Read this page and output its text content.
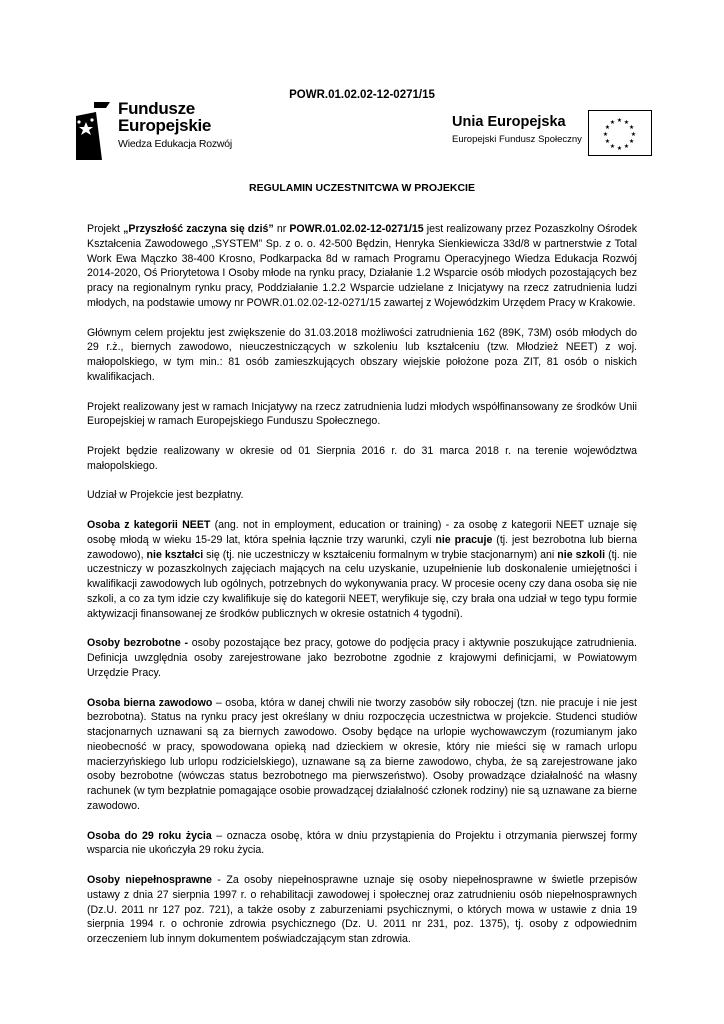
POWR.01.02.02-12-0271/15
Fundusze
Europejskie
Wiedza Edukacja Rozwój
Unia Europejska
Europejski Fundusz Społeczny
★ ★
★
★
★
★
★
★
★
★
★
★
REGULAMIN UCZESTNITCWA W PROJEKCIE

Projekt „Przyszłość zaczyna się dziś” nr POWR.01.02.02-12-0271/15 jest realizowany przez Pozaszkolny Ośrodek Kształcenia Zawodowego „SYSTEM” Sp. z o. o. 42-500 Będzin, Henryka Sienkiewicza 33d/8 w partnerstwie z Total Work Ewa Mączko 38-400 Krosno, Podkarpacka 8d w ramach Programu Operacyjnego Wiedza Edukacja Rozwój 2014-2020, Oś Priorytetowa I Osoby młode na rynku pracy, Działanie 1.2 Wsparcie osób młodych pozostających bez pracy na regionalnym rynku pracy, Poddziałanie 1.2.2 Wsparcie udzielane z Inicjatywy na rzecz zatrudnienia ludzi młodych, na podstawie umowy nr POWR.01.02.02-12-0271/15 zawartej z Wojewódzkim Urzędem Pracy w Krakowie.

Głównym celem projektu jest zwiększenie do 31.03.2018 możliwości zatrudnienia 162 (89K, 73M) osób młodych do 29 r.ż., biernych zawodowo, nieuczestniczących w szkoleniu lub kształceniu (tzw. Młodzież NEET) z woj. małopolskiego, w tym min.: 81 osób zamieszkujących obszary wiejskie położone poza ZIT, 81 osób o niskich kwalifikacjach.

Projekt realizowany jest w ramach Inicjatywy na rzecz zatrudnienia ludzi młodych współfinansowany ze środków Unii Europejskiej w ramach Europejskiego Funduszu Społecznego.

Projekt będzie realizowany w okresie od 01 Sierpnia 2016 r. do 31 marca 2018 r. na terenie województwa małopolskiego.

Udział w Projekcie jest bezpłatny.

Osoba z kategorii NEET (ang. not in employment, education or training) - za osobę z kategorii NEET uznaje się osobę młodą w wieku 15-29 lat, która spełnia łącznie trzy warunki, czyli nie pracuje (tj. jest bezrobotna lub bierna zawodowo), nie kształci się (tj. nie uczestniczy w kształceniu formalnym w trybie stacjonarnym) ani nie szkoli (tj. nie uczestniczy w pozaszkolnych zajęciach mających na celu uzyskanie, uzupełnienie lub doskonalenie umiejętności i kwalifikacji zawodowych lub ogólnych, potrzebnych do wykonywania pracy. W procesie oceny czy dana osoba się nie szkoli, a co za tym idzie czy kwalifikuje się do kategorii NEET, weryfikuje się, czy brała ona udział w tego typu formie aktywizacji finansowanej ze środków publicznych w okresie ostatnich 4 tygodni).

Osoby bezrobotne - osoby pozostające bez pracy, gotowe do podjęcia pracy i aktywnie poszukujące zatrudnienia. Definicja uwzględnia osoby zarejestrowane jako bezrobotne zgodnie z krajowymi definicjami, w Powiatowym Urzędzie Pracy.

Osoba bierna zawodowo – osoba, która w danej chwili nie tworzy zasobów siły roboczej (tzn. nie pracuje i nie jest bezrobotna). Status na rynku pracy jest określany w dniu rozpoczęcia uczestnictwa w projekcie. Studenci studiów stacjonarnych uznawani są za biernych zawodowo. Osoby będące na urlopie wychowawczym (rozumianym jako nieobecność w pracy, spowodowana opieką nad dzieckiem w okresie, który nie mieści się w ramach urlopu macierzyńskiego lub urlopu rodzicielskiego), uznawane są za bierne zawodowo, chyba, że są zarejestrowane jako osoby bezrobotne (wówczas status bezrobotnego ma pierwszeństwo). Osoby prowadzące działalność na własny rachunek (w tym bezpłatnie pomagające osobie prowadzącej działalność członek rodziny) nie są uznawane za bierne zawodowo.

Osoba do 29 roku życia – oznacza osobę, która w dniu przystąpienia do Projektu i otrzymania pierwszej formy wsparcia nie ukończyła 29 roku życia.

Osoby niepełnosprawne - Za osoby niepełnosprawne uznaje się osoby niepełnosprawne w świetle przepisów ustawy z dnia 27 sierpnia 1997 r. o rehabilitacji zawodowej i społecznej oraz zatrudnieniu osób niepełnosprawnych (Dz.U. 2011 nr 127 poz. 721), a także osoby z zaburzeniami psychicznymi, o których mowa w ustawie z dnia 19 sierpnia 1994 r. o ochronie zdrowia psychicznego (Dz. U. 2011 nr 231, poz. 1375), tj. osoby z odpowiednim orzeczeniem lub innym dokumentem poświadczającym stan zdrowia.
